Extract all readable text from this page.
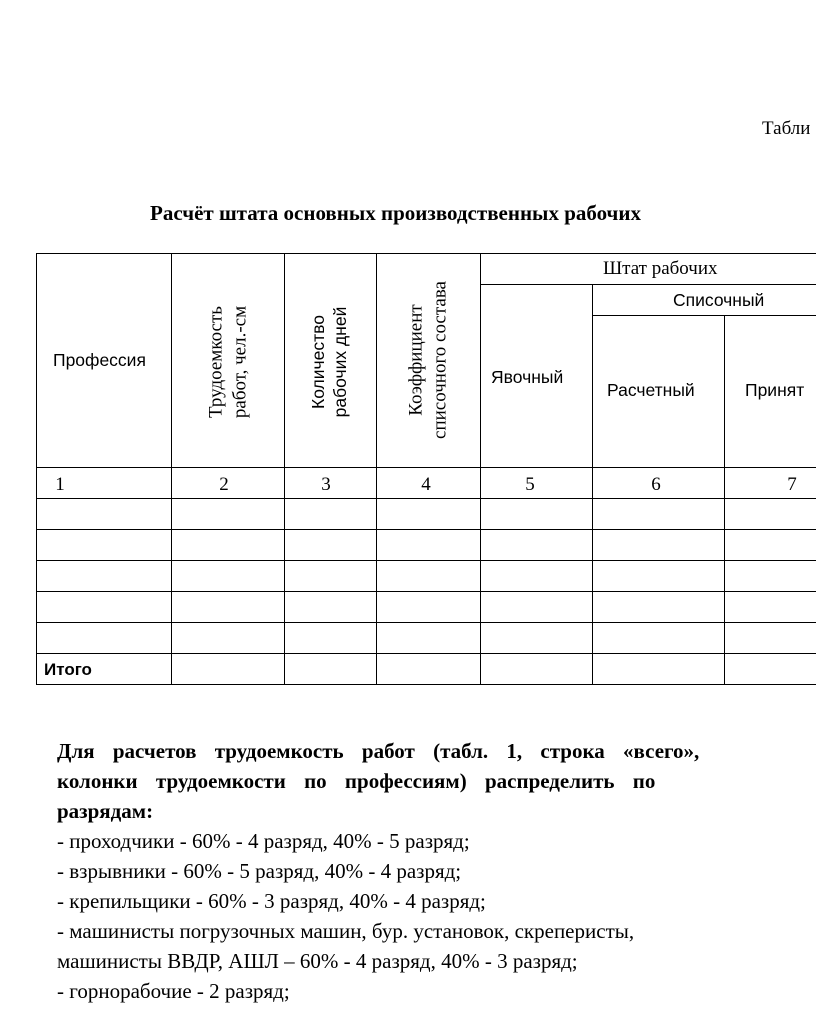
Табли
Расчёт штата основных производственных рабочих
Профессия	Трудоемкость работ, чел.-см	Количество рабочих дней	Коэффициент списочного состава
Штат рабочих
Списочный
Явочный
Расчетный	Принят
1	2	3	4	5	6	7
Итого
Для расчетов трудоемкость работ (табл. 1, строка «всего»,
колонки трудоемкости по профессиям) распределить по
разрядам:
- проходчики - 60% - 4 разряд, 40% - 5 разряд;
- взрывники - 60% - 5 разряд, 40% - 4 разряд;
- крепильщики - 60% - 3 разряд, 40% - 4 разряд;
- машинисты погрузочных машин, бур. установок, скреперисты,
машинисты ВВДР, АШЛ – 60% - 4 разряд, 40% - 3 разряд;
- горнорабочие - 2 разряд;
